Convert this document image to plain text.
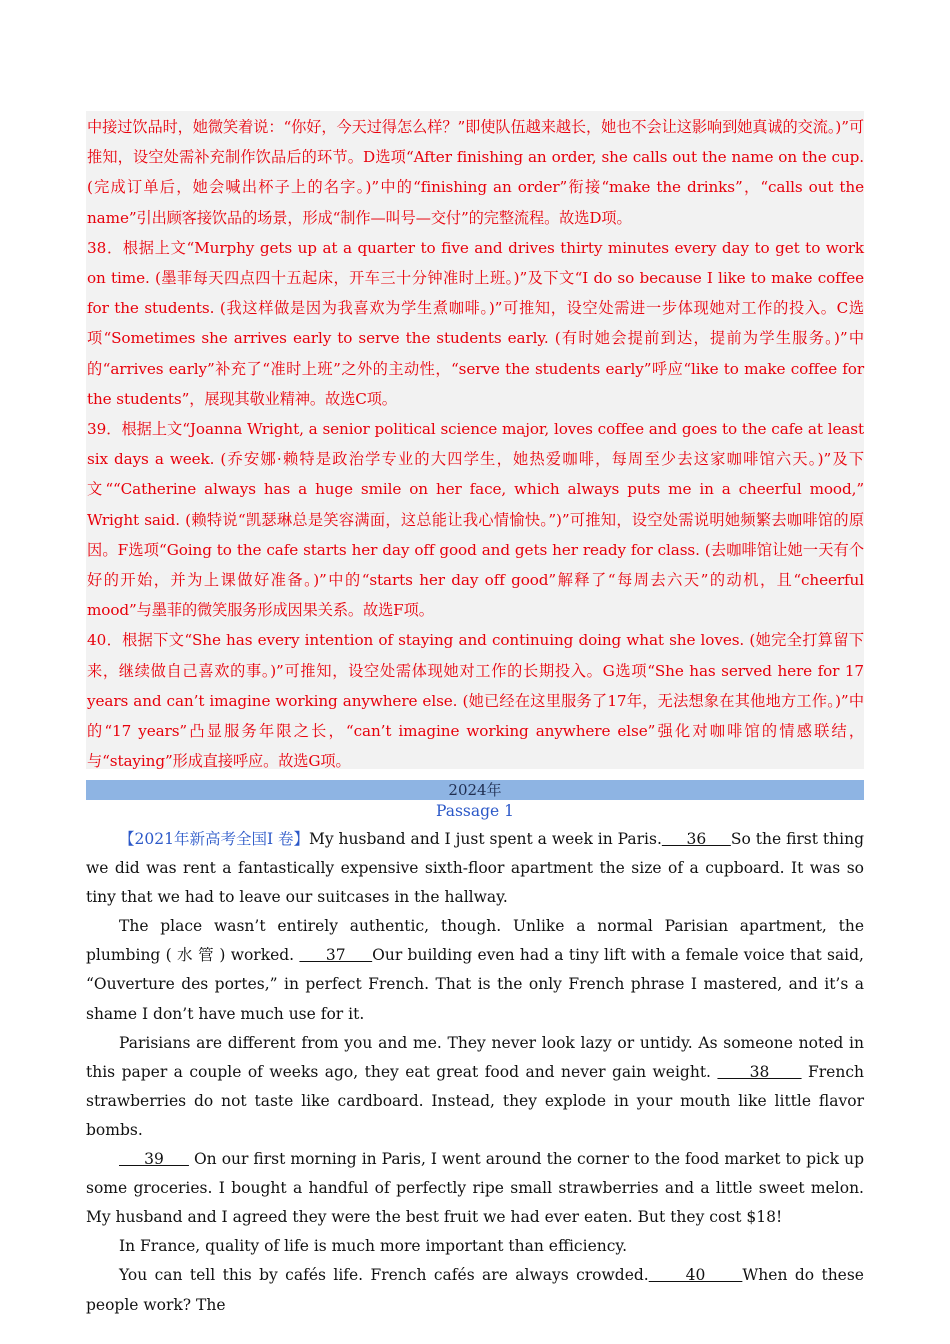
中接过饮品时，她微笑着说：“你好，今天过得怎么样？”即使队伍越来越长，她也不会让这影响到她真诚的交流。)”可推知，设空处需补充制作饮品后的环节。D选项“After finishing an order, she calls out the name on the cup. (完成订单后，她会喊出杯子上的名字。)”中的“finishing an order”衔接“make the drinks”，“calls out the name”引出顾客接饮品的场景，形成“制作—叫号—交付”的完整流程。故选D项。

38．根据上文“Murphy gets up at a quarter to five and drives thirty minutes every day to get to work on time. (墨菲每天四点四十五起床，开车三十分钟准时上班。)”及下文“I do so because I like to make coffee for the students. (我这样做是因为我喜欢为学生煮咖啡。)”可推知，设空处需进一步体现她对工作的投入。C选项“Sometimes she arrives early to serve the students early. (有时她会提前到达，提前为学生服务。)”中的“arrives early”补充了“准时上班”之外的主动性，“serve the students early”呼应“like to make coffee for the students”，展现其敬业精神。故选C项。

39．根据上文“Joanna Wright, a senior political science major, loves coffee and goes to the cafe at least six days a week. (乔安娜·赖特是政治学专业的大四学生，她热爱咖啡，每周至少去这家咖啡馆六天。)”及下文““Catherine always has a huge smile on her face, which always puts me in a cheerful mood,” Wright said. (赖特说“凯瑟琳总是笑容满面，这总能让我心情愉快。”)”可推知，设空处需说明她频繁去咖啡馆的原因。F选项“Going to the cafe starts her day off good and gets her ready for class. (去咖啡馆让她一天有个好的开始，并为上课做好准备。)”中的“starts her day off good”解释了“每周去六天”的动机，且“cheerful mood”与墨菲的微笑服务形成因果关系。故选F项。

40．根据下文“She has every intention of staying and continuing doing what she loves. (她完全打算留下来，继续做自己喜欢的事。)”可推知，设空处需体现她对工作的长期投入。G选项“She has served here for 17 years and can’t imagine working anywhere else. (她已经在这里服务了17年，无法想象在其他地方工作。)”中的“17 years”凸显服务年限之长，“can’t imagine working anywhere else”强化对咖啡馆的情感联结，与“staying”形成直接呼应。故选G项。

2024年
Passage 1

【2021年新高考全国Ⅰ 卷】My husband and I just spent a week in Paris.     36     So the first thing we did was rent a fantastically expensive sixth-floor apartment the size of a cupboard. It was so tiny that we had to leave our suitcases in the hallway.

The place wasn’t entirely authentic, though. Unlike a normal Parisian apartment, the plumbing ( 水 管 ) worked.      37     Our building even had a tiny lift with a female voice that said, “Ouverture des portes,” in perfect French. That is the only French phrase I mastered, and it’s a shame I don’t have much use for it.

Parisians are different from you and me. They never look lazy or untidy. As someone noted in this paper a couple of weeks ago, they eat great food and never gain weight.      38      French strawberries do not taste like cardboard. Instead, they explode in your mouth like little flavor bombs.

39      On our first morning in Paris, I went around the corner to the food market to pick up some groceries. I bought a handful of perfectly ripe small strawberries and a little sweet melon. My husband and I agreed they were the best fruit we had ever eaten. But they cost $18!

In France, quality of life is much more important than efficiency.

You can tell this by cafés life. French cafés are always crowded.     40     When do these people work? The
